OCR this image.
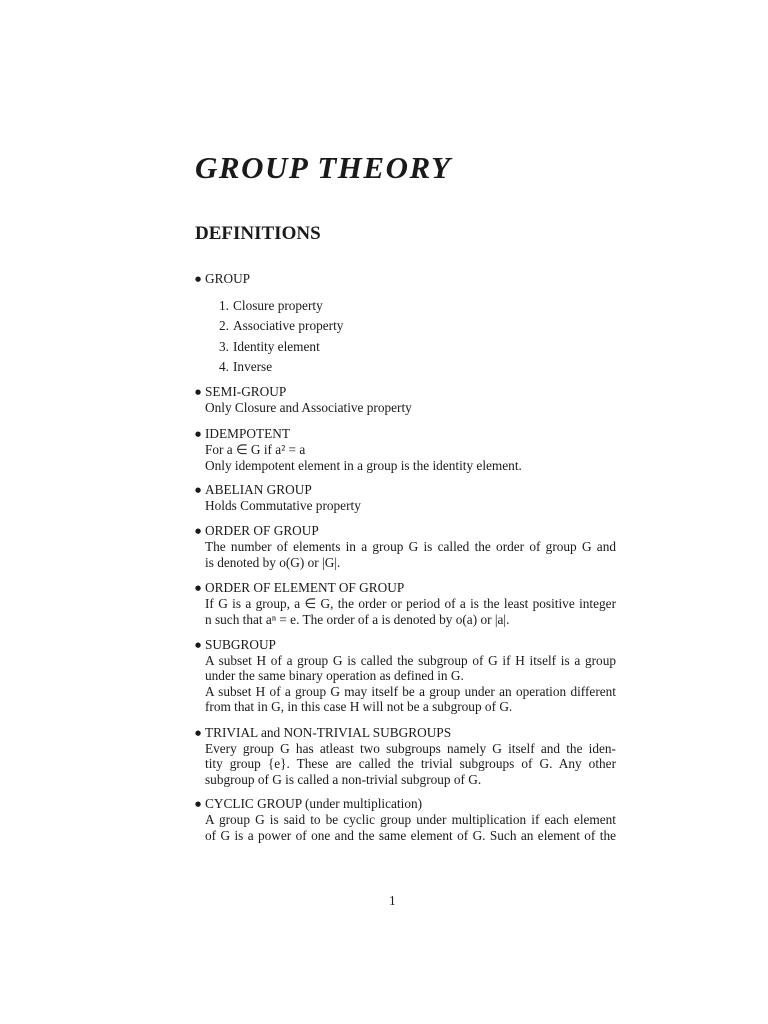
GROUP THEORY
DEFINITIONS
1
● GROUP
1. Closure property
2. Associative property
3. Identity element
4. Inverse
● SEMI-GROUP
Only Closure and Associative property
● IDEMPOTENT
For a ∈ G if a² = a
Only idempotent element in a group is the identity element.
● ABELIAN GROUP
Holds Commutative property
● ORDER OF GROUP
The number of elements in a group G is called the order of group G and
is denoted by o(G) or |G|.
● ORDER OF ELEMENT OF GROUP
If G is a group, a ∈ G, the order or period of a is the least positive integer
n such that aⁿ = e. The order of a is denoted by o(a) or |a|.
● SUBGROUP
A subset H of a group G is called the subgroup of G if H itself is a group
under the same binary operation as defined in G.
A subset H of a group G may itself be a group under an operation different
from that in G, in this case H will not be a subgroup of G.
● TRIVIAL and NON-TRIVIAL SUBGROUPS
Every group G has atleast two subgroups namely G itself and the iden-
tity group {e}. These are called the trivial subgroups of G. Any other
subgroup of G is called a non-trivial subgroup of G.
● CYCLIC GROUP (under multiplication)
A group G is said to be cyclic group under multiplication if each element
of G is a power of one and the same element of G. Such an element of the
